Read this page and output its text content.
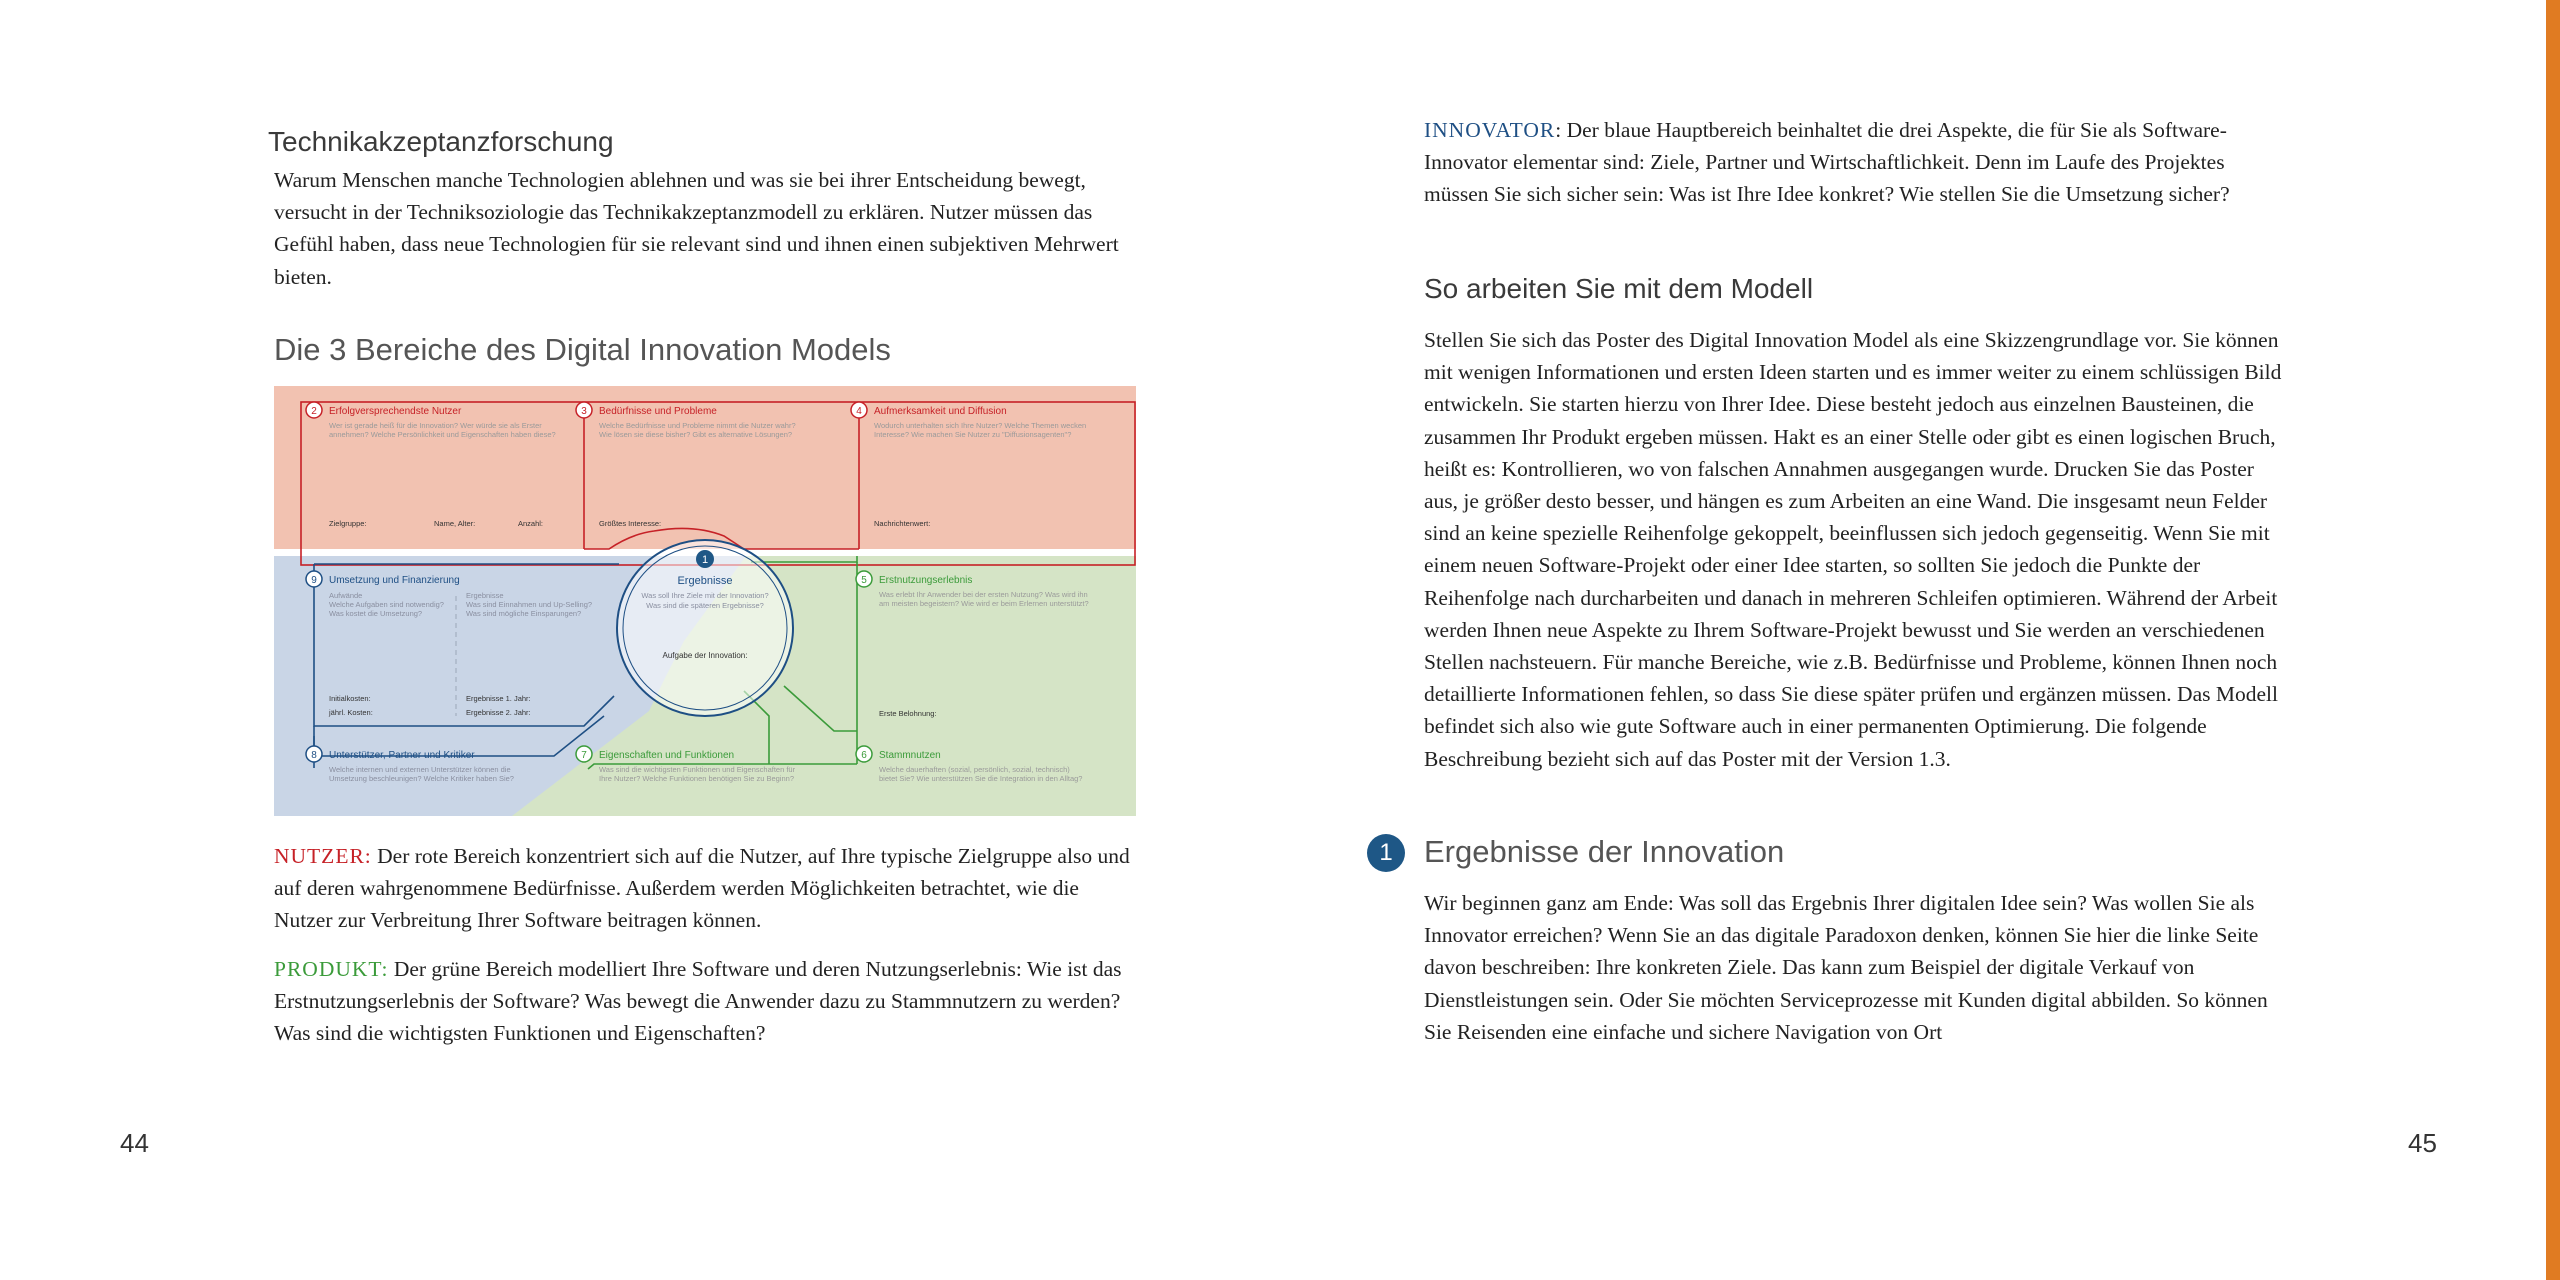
Technikakzeptanzforschung

Warum Menschen manche Technologien ablehnen und was sie bei ihrer Entscheidung bewegt, versucht in der Techniksoziologie das Technikakzeptanzmodell zu erklären. Nutzer müssen das Gefühl haben, dass neue Technologien für sie relevant sind und ihnen einen subjektiven Mehrwert bieten.

Die 3 Bereiche des Digital Innovation Models
1
Ergebnisse
Was soll Ihre Ziele mit der Innovation?
Was sind die späteren Ergebnisse?
Aufgabe der Innovation:
2 Erfolgversprechendste Nutzer
Wer ist gerade heiß für die Innovation? Wer würde sie als Erster
annehmen? Welche Persönlichkeit und Eigenschaften haben diese?
Zielgruppe:	Name, Alter:	Anzahl:
3 Bedürfnisse und Probleme
Welche Bedürfnisse und Probleme nimmt die Nutzer wahr?
Wie lösen sie diese bisher? Gibt es alternative Lösungen?
Größtes Interesse:
4 Aufmerksamkeit und Diffusion
Wodurch unterhalten sich Ihre Nutzer? Welche Themen wecken
Interesse? Wie machen Sie Nutzer zu "Diffusionsagenten"?
Nachrichtenwert:
9 Umsetzung und Finanzierung
Aufwände
Welche Aufgaben sind notwendig?
Was kostet die Umsetzung?
Ergebnisse
Was sind Einnahmen und Up-Selling?
Was sind mögliche Einsparungen?
Initialkosten:
jährl. Kosten:
Ergebnisse 1. Jahr:
Ergebnisse 2. Jahr:
5 Erstnutzungserlebnis
Was erlebt Ihr Anwender bei der ersten Nutzung? Was wird ihn
am meisten begeistern? Wie wird er beim Erlernen unterstützt?
Erste Belohnung:
8 Unterstützer, Partner und Kritiker
Welche internen und externen Unterstützer können die
Umsetzung beschleunigen? Welche Kritiker haben Sie?
7 Eigenschaften und Funktionen
Was sind die wichtigsten Funktionen und Eigenschaften für
Ihre Nutzer? Welche Funktionen benötigen Sie zu Beginn?
6 Stammnutzen
Welche dauerhaften (sozial, persönlich, sozial, technisch)
bietet Sie? Wie unterstützen Sie die Integration in den Alltag?

NUTZER: Der rote Bereich konzentriert sich auf die Nutzer, auf Ihre typische Zielgruppe also und auf deren wahrgenommene Bedürfnisse. Außerdem werden Möglichkeiten betrachtet, wie die Nutzer zur Verbreitung Ihrer Software beitragen können.

PRODUKT: Der grüne Bereich modelliert Ihre Software und deren Nutzungserlebnis: Wie ist das Erstnutzungserlebnis der Software? Was bewegt die Anwender dazu zu Stammnutzern zu werden? Was sind die wichtigsten Funktionen und Eigenschaften?

44

INNOVATOR: Der blaue Hauptbereich beinhaltet die drei Aspekte, die für Sie als Software-Innovator elementar sind: Ziele, Partner und Wirtschaftlichkeit. Denn im Laufe des Projektes müssen Sie sich sicher sein: Was ist Ihre Idee konkret? Wie stellen Sie die Umsetzung sicher?

So arbeiten Sie mit dem Modell

Stellen Sie sich das Poster des Digital Innovation Model als eine Skizzengrundlage vor. Sie können mit wenigen Informationen und ersten Ideen starten und es immer weiter zu einem schlüssigen Bild entwickeln. Sie starten hierzu von Ihrer Idee. Diese besteht jedoch aus einzelnen Bausteinen, die zusammen Ihr Produkt ergeben müssen. Hakt es an einer Stelle oder gibt es einen logischen Bruch, heißt es: Kontrollieren, wo von falschen Annahmen ausgegangen wurde. Drucken Sie das Poster aus, je größer desto besser, und hängen es zum Arbeiten an eine Wand. Die insgesamt neun Felder sind an keine spezielle Reihenfolge gekoppelt, beeinflussen sich jedoch gegenseitig. Wenn Sie mit einem neuen Software-Projekt oder einer Idee starten, so sollten Sie jedoch die Punkte der Reihenfolge nach durcharbeiten und danach in mehreren Schleifen optimieren. Während der Arbeit werden Ihnen neue Aspekte zu Ihrem Software-Projekt bewusst und Sie werden an verschiedenen Stellen nachsteuern. Für manche Bereiche, wie z.B. Bedürfnisse und Probleme, können Ihnen noch detaillierte Informationen fehlen, so dass Sie diese später prüfen und ergänzen müssen. Das Modell befindet sich also wie gute Software auch in einer permanenten Optimierung. Die folgende Beschreibung bezieht sich auf das Poster mit der Version 1.3.

1	Ergebnisse der Innovation

Wir beginnen ganz am Ende: Was soll das Ergebnis Ihrer digitalen Idee sein? Was wollen Sie als Innovator erreichen? Wenn Sie an das digitale Paradoxon denken, können Sie hier die linke Seite davon beschreiben: Ihre konkreten Ziele. Das kann zum Beispiel der digitale Verkauf von Dienstleistungen sein. Oder Sie möchten Serviceprozesse mit Kunden digital abbilden. So können Sie Reisenden eine einfache und sichere Navigation von Ort

45
